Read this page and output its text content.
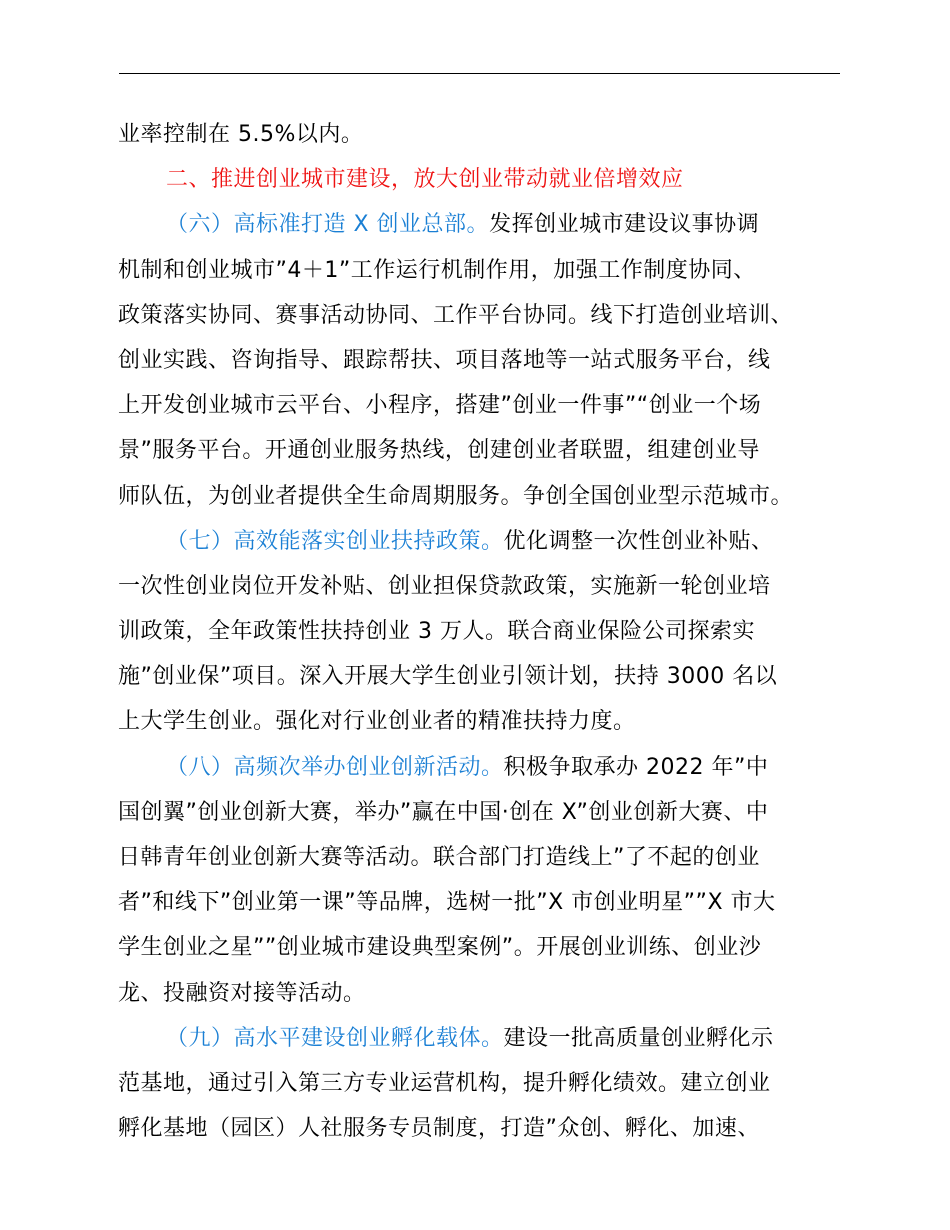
业率控制在 5.5%以内。
二、推进创业城市建设，放大创业带动就业倍增效应
（六）高标准打造 X 创业总部。发挥创业城市建设议事协调
机制和创业城市”4＋1”工作运行机制作用，加强工作制度协同、
政策落实协同、赛事活动协同、工作平台协同。线下打造创业培训、
创业实践、咨询指导、跟踪帮扶、项目落地等一站式服务平台，线
上开发创业城市云平台、小程序，搭建”创业一件事”“创业一个场
景”服务平台。开通创业服务热线，创建创业者联盟，组建创业导
师队伍，为创业者提供全生命周期服务。争创全国创业型示范城市。
（七）高效能落实创业扶持政策。优化调整一次性创业补贴、
一次性创业岗位开发补贴、创业担保贷款政策，实施新一轮创业培
训政策，全年政策性扶持创业 3 万人。联合商业保险公司探索实
施”创业保”项目。深入开展大学生创业引领计划，扶持 3000 名以
上大学生创业。强化对行业创业者的精准扶持力度。
（八）高频次举办创业创新活动。积极争取承办 2022 年”中
国创翼”创业创新大赛，举办”赢在中国·创在 X”创业创新大赛、中
日韩青年创业创新大赛等活动。联合部门打造线上”了不起的创业
者”和线下”创业第一课”等品牌，选树一批”X 市创业明星””X 市大
学生创业之星””创业城市建设典型案例”。开展创业训练、创业沙
龙、投融资对接等活动。
（九）高水平建设创业孵化载体。建设一批高质量创业孵化示
范基地，通过引入第三方专业运营机构，提升孵化绩效。建立创业
孵化基地（园区）人社服务专员制度，打造”众创、孵化、加速、
